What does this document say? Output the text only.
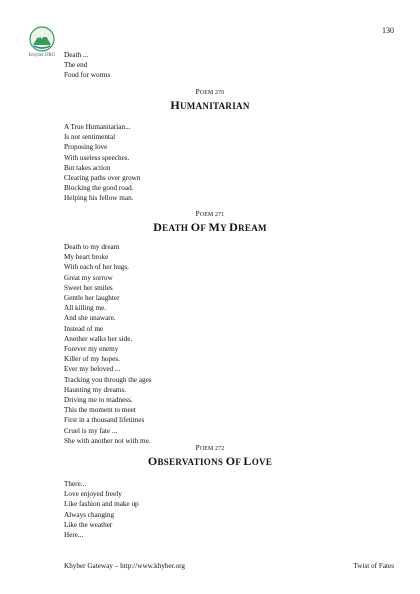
130
Khyber.ORG	Death ...
The end
Food for worms
POEM 270
HUMANITARIAN
A True Humanitarian...
Is not sentimental
Proposing love
With useless speeches.
But takes action
Clearing paths over grown
Blocking the good road.
Helping his fellow man.
POEM 271
DEATH OF MY DREAM
Death to my dream
My heart broke
With each of her hugs.
Great my sorrow
Sweet her smiles
Gentle her laughter
All killing me.
And she unaware.
Instead of me
Another walks her side.
Forever my enemy
Killer of my hopes.
Ever my beloved ...
Tracking you through the ages
Haunting my dreams.
Driving me to madness.
This the moment to meet
First in a thousand lifetimes
Cruel is my fate ...
She with another not with me.
POEM 272
OBSERVATIONS OF LOVE
There...
Love enjoyed freely
Like fashion and make up
Always changing
Like the weather
Here...
Khyber Gateway – http://www.khyber.org	Twist of Fates
